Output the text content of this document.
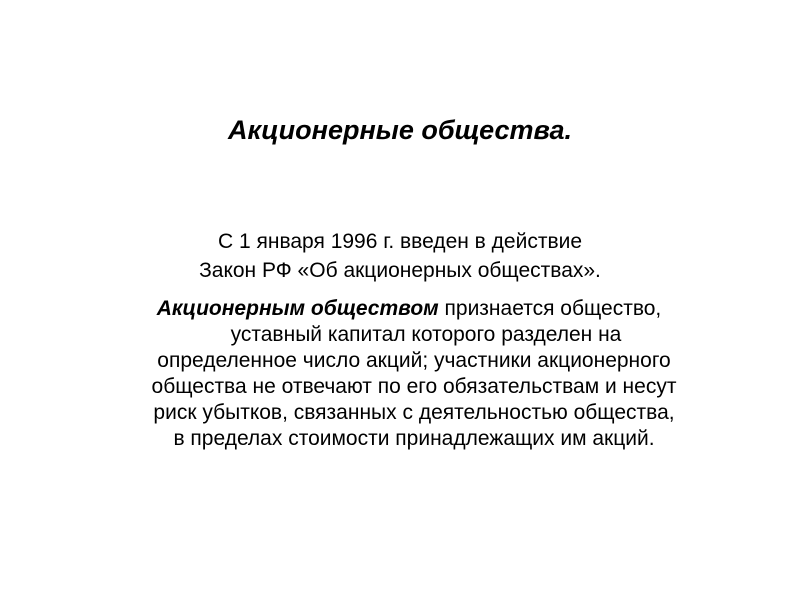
Акционерные общества.
С 1 января 1996 г. введен в действие
Закон РФ «Об акционерных обществах».
Акционерным обществом признается общество,
уставный капитал которого разделен на
определенное число акций; участники акционерного
общества не отвечают по его обязательствам и несут
риск убытков, связанных с деятельностью общества,
в пределах стоимости принадлежащих им акций.
